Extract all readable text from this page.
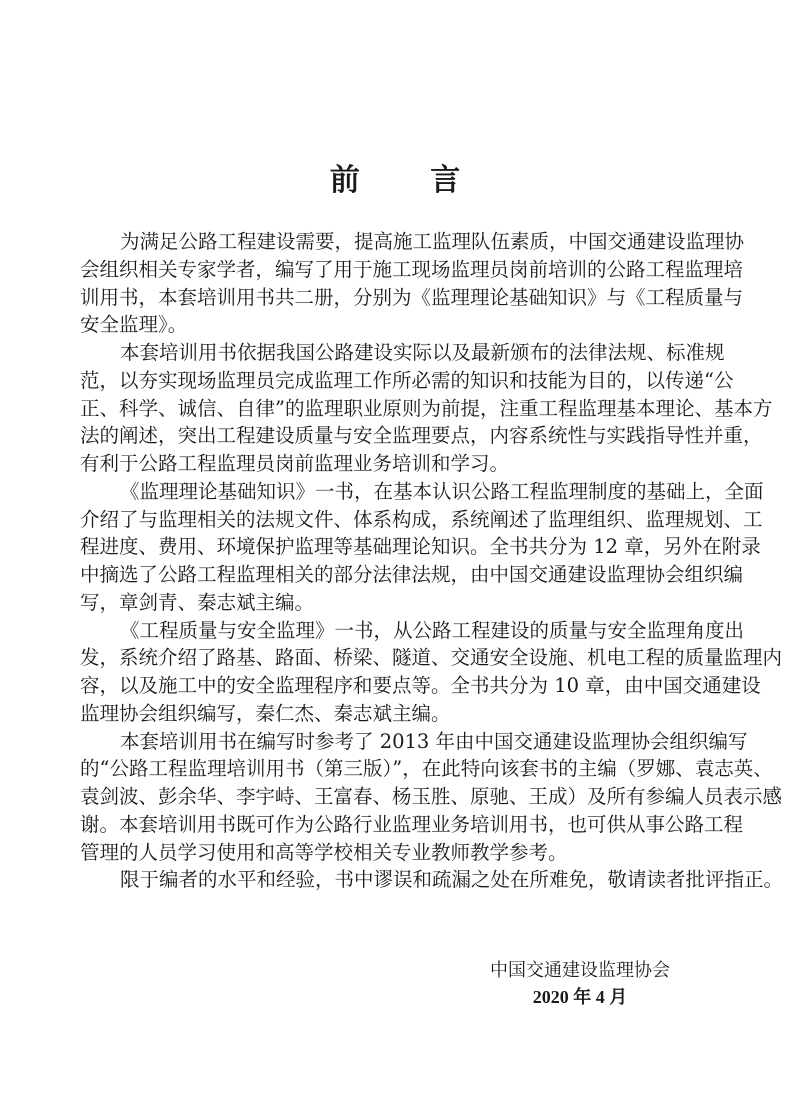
前 言
为满足公路工程建设需要，提高施工监理队伍素质，中国交通建设监理协
会组织相关专家学者，编写了用于施工现场监理员岗前培训的公路工程监理培
训用书，本套培训用书共二册，分别为《监理理论基础知识》与《工程质量与
安全监理》。
本套培训用书依据我国公路建设实际以及最新颁布的法律法规、标准规
范，以夯实现场监理员完成监理工作所必需的知识和技能为目的，以传递“公
正、科学、诚信、自律”的监理职业原则为前提，注重工程监理基本理论、基本方
法的阐述，突出工程建设质量与安全监理要点，内容系统性与实践指导性并重，
有利于公路工程监理员岗前监理业务培训和学习。
《监理理论基础知识》一书，在基本认识公路工程监理制度的基础上，全面
介绍了与监理相关的法规文件、体系构成，系统阐述了监理组织、监理规划、工
程进度、费用、环境保护监理等基础理论知识。全书共分为 12 章，另外在附录
中摘选了公路工程监理相关的部分法律法规，由中国交通建设监理协会组织编
写，章剑青、秦志斌主编。
《工程质量与安全监理》一书，从公路工程建设的质量与安全监理角度出
发，系统介绍了路基、路面、桥梁、隧道、交通安全设施、机电工程的质量监理内
容，以及施工中的安全监理程序和要点等。全书共分为 10 章，由中国交通建设
监理协会组织编写，秦仁杰、秦志斌主编。
本套培训用书在编写时参考了 2013 年由中国交通建设监理协会组织编写
的“公路工程监理培训用书（第三版）”，在此特向该套书的主编（罗娜、袁志英、
袁剑波、彭余华、李宇峙、王富春、杨玉胜、原驰、王成）及所有参编人员表示感
谢。本套培训用书既可作为公路行业监理业务培训用书，也可供从事公路工程
管理的人员学习使用和高等学校相关专业教师教学参考。
限于编者的水平和经验，书中谬误和疏漏之处在所难免，敬请读者批评指正。
中国交通建设监理协会
2020 年 4 月
